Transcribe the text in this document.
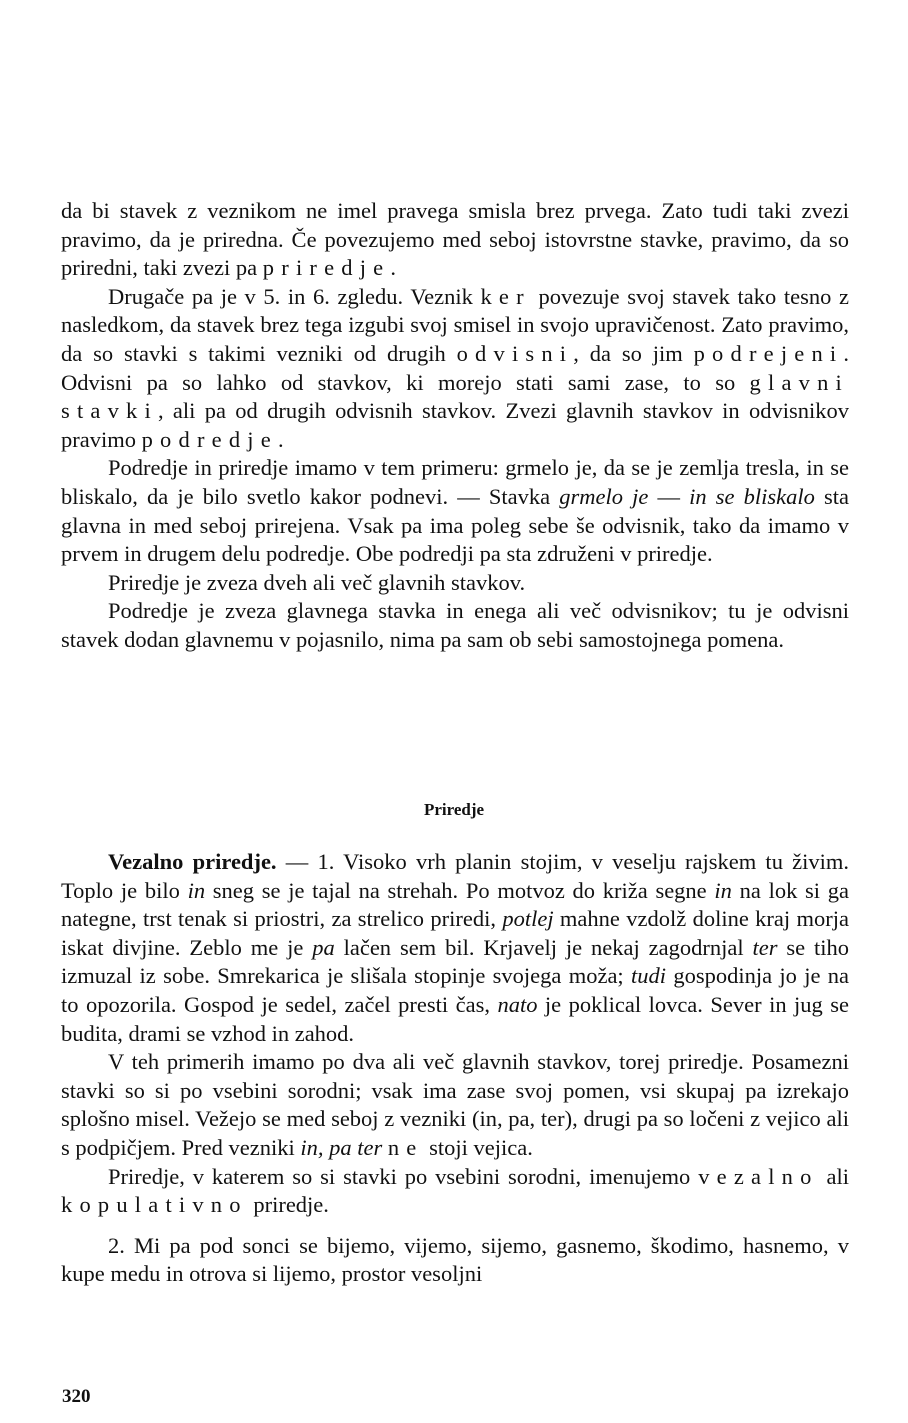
da bi stavek z veznikom ne imel pravega smisla brez prvega. Zato tudi taki zvezi pravimo, da je priredna. Če povezujemo med seboj istovrstne stavke, pravimo, da so priredni, taki zvezi pa priredje.

Drugače pa je v 5. in 6. zgledu. Veznik ker povezuje svoj stavek tako tesno z nasledkom, da stavek brez tega izgubi svoj smisel in svojo upravičenost. Zato pravimo, da so stavki s takimi vezniki od drugih odvisni, da so jim podrejeni. Odvisni pa so lahko od stavkov, ki morejo stati sami zase, to so glavni stavki, ali pa od drugih odvisnih stavkov. Zvezi glavnih stavkov in odvisnikov pravimo podredje.

Podredje in priredje imamo v tem primeru: grmelo je, da se je zemlja tresla, in se bliskalo, da je bilo svetlo kakor podnevi. — Stavka grmelo je — in se bliskalo sta glavna in med seboj prirejena. Vsak pa ima poleg sebe še odvisnik, tako da imamo v prvem in drugem delu podredje. Obe podredji pa sta združeni v priredje.

Priredje je zveza dveh ali več glavnih stavkov.

Podredje je zveza glavnega stavka in enega ali več odvisnikov; tu je odvisni stavek dodan glavnemu v pojasnilo, nima pa sam ob sebi samostojnega pomena.

Priredje

Vezalno priredje. — 1. Visoko vrh planin stojim, v veselju rajskem tu živim. Toplo je bilo in sneg se je tajal na strehah. Po motvoz do križa segne in na lok si ga nategne, trst tenak si priostri, za strelico priredi, potlej mahne vzdolž doline kraj morja iskat divjine. Zeblo me je pa lačen sem bil. Krjavelj je nekaj zagodrnjal ter se tiho izmuzal iz sobe. Smrekarica je slišala stopinje svojega moža; tudi gospodinja jo je na to opozorila. Gospod je sedel, začel presti čas, nato je poklical lovca. Sever in jug se budita, drami se vzhod in zahod.

V teh primerih imamo po dva ali več glavnih stavkov, torej priredje. Posamezni stavki so si po vsebini sorodni; vsak ima zase svoj pomen, vsi skupaj pa izrekajo splošno misel. Vežejo se med seboj z vezniki (in, pa, ter), drugi pa so ločeni z vejico ali s podpičjem. Pred vezniki in, pa ter ne stoji vejica.

Priredje, v katerem so si stavki po vsebini sorodni, imenujemo vezalno ali kopulativno priredje.

2. Mi pa pod sonci se bijemo, vijemo, sijemo, gasnemo, škodimo, hasnemo, v kupe medu in otrova si lijemo, prostor vesoljni

320
